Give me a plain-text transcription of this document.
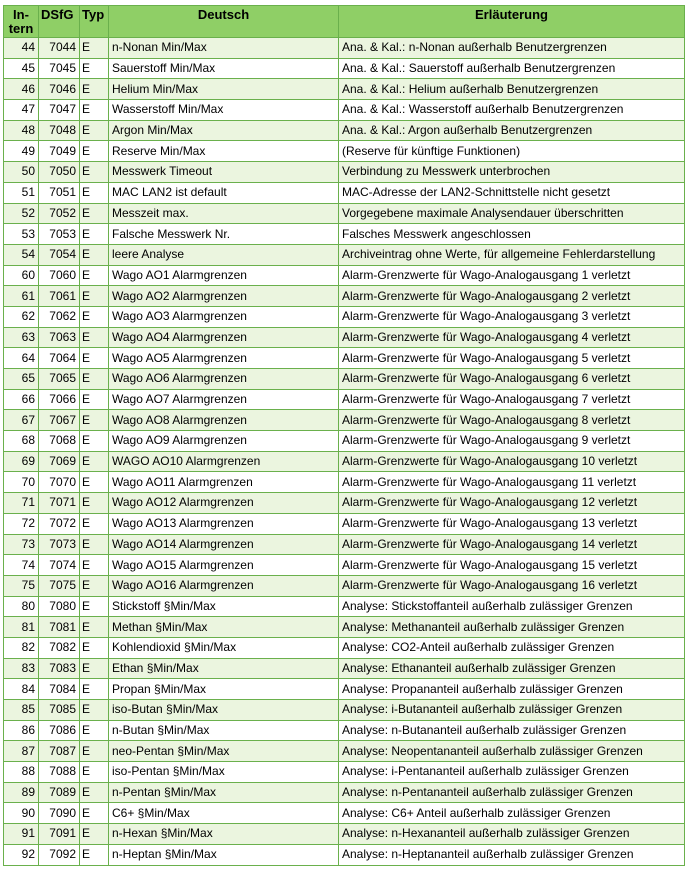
In-
tern	DSfG	Typ	Deutsch	Erläuterung
44	7044	E	n-Nonan Min/Max	Ana. & Kal.: n-Nonan außerhalb Benutzergrenzen
45	7045	E	Sauerstoff Min/Max	Ana. & Kal.: Sauerstoff außerhalb Benutzergrenzen
46	7046	E	Helium Min/Max	Ana. & Kal.: Helium außerhalb Benutzergrenzen
47	7047	E	Wasserstoff Min/Max	Ana. & Kal.: Wasserstoff außerhalb Benutzergrenzen
48	7048	E	Argon Min/Max	Ana. & Kal.: Argon außerhalb Benutzergrenzen
49	7049	E	Reserve Min/Max	(Reserve für künftige Funktionen)
50	7050	E	Messwerk Timeout	Verbindung zu Messwerk unterbrochen
51	7051	E	MAC LAN2 ist default	MAC-Adresse der LAN2-Schnittstelle nicht gesetzt
52	7052	E	Messzeit max.	Vorgegebene maximale Analysendauer überschritten
53	7053	E	Falsche Messwerk Nr.	Falsches Messwerk angeschlossen
54	7054	E	leere Analyse	Archiveintrag ohne Werte, für allgemeine Fehlerdarstellung
60	7060	E	Wago AO1 Alarmgrenzen	Alarm-Grenzwerte für Wago-Analogausgang 1 verletzt
61	7061	E	Wago AO2 Alarmgrenzen	Alarm-Grenzwerte für Wago-Analogausgang 2 verletzt
62	7062	E	Wago AO3 Alarmgrenzen	Alarm-Grenzwerte für Wago-Analogausgang 3 verletzt
63	7063	E	Wago AO4 Alarmgrenzen	Alarm-Grenzwerte für Wago-Analogausgang 4 verletzt
64	7064	E	Wago AO5 Alarmgrenzen	Alarm-Grenzwerte für Wago-Analogausgang 5 verletzt
65	7065	E	Wago AO6 Alarmgrenzen	Alarm-Grenzwerte für Wago-Analogausgang 6 verletzt
66	7066	E	Wago AO7 Alarmgrenzen	Alarm-Grenzwerte für Wago-Analogausgang 7 verletzt
67	7067	E	Wago AO8 Alarmgrenzen	Alarm-Grenzwerte für Wago-Analogausgang 8 verletzt
68	7068	E	Wago AO9 Alarmgrenzen	Alarm-Grenzwerte für Wago-Analogausgang 9 verletzt
69	7069	E	WAGO AO10 Alarmgrenzen	Alarm-Grenzwerte für Wago-Analogausgang 10 verletzt
70	7070	E	Wago AO11 Alarmgrenzen	Alarm-Grenzwerte für Wago-Analogausgang 11 verletzt
71	7071	E	Wago AO12 Alarmgrenzen	Alarm-Grenzwerte für Wago-Analogausgang 12 verletzt
72	7072	E	Wago AO13 Alarmgrenzen	Alarm-Grenzwerte für Wago-Analogausgang 13 verletzt
73	7073	E	Wago AO14 Alarmgrenzen	Alarm-Grenzwerte für Wago-Analogausgang 14 verletzt
74	7074	E	Wago AO15 Alarmgrenzen	Alarm-Grenzwerte für Wago-Analogausgang 15 verletzt
75	7075	E	Wago AO16 Alarmgrenzen	Alarm-Grenzwerte für Wago-Analogausgang 16 verletzt
80	7080	E	Stickstoff §Min/Max	Analyse: Stickstoffanteil außerhalb zulässiger Grenzen
81	7081	E	Methan §Min/Max	Analyse: Methananteil außerhalb zulässiger Grenzen
82	7082	E	Kohlendioxid §Min/Max	Analyse: CO2-Anteil außerhalb zulässiger Grenzen
83	7083	E	Ethan §Min/Max	Analyse: Ethananteil außerhalb zulässiger Grenzen
84	7084	E	Propan §Min/Max	Analyse: Propananteil außerhalb zulässiger Grenzen
85	7085	E	iso-Butan §Min/Max	Analyse: i-Butananteil außerhalb zulässiger Grenzen
86	7086	E	n-Butan §Min/Max	Analyse: n-Butananteil außerhalb zulässiger Grenzen
87	7087	E	neo-Pentan §Min/Max	Analyse: Neopentananteil außerhalb zulässiger Grenzen
88	7088	E	iso-Pentan §Min/Max	Analyse: i-Pentananteil außerhalb zulässiger Grenzen
89	7089	E	n-Pentan §Min/Max	Analyse: n-Pentananteil außerhalb zulässiger Grenzen
90	7090	E	C6+ §Min/Max	Analyse: C6+ Anteil außerhalb zulässiger Grenzen
91	7091	E	n-Hexan §Min/Max	Analyse: n-Hexananteil außerhalb zulässiger Grenzen
92	7092	E	n-Heptan §Min/Max	Analyse: n-Heptananteil außerhalb zulässiger Grenzen
